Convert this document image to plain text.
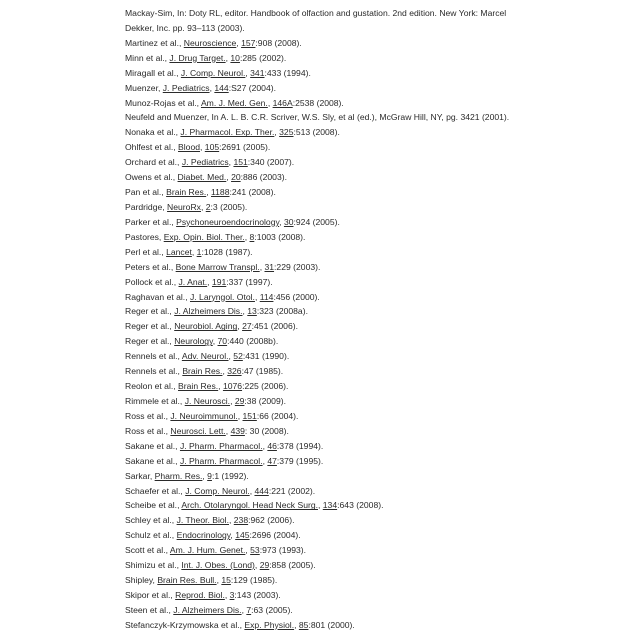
Mackay-Sim, In: Doty RL, editor. Handbook of olfaction and gustation. 2nd edition. New York: Marcel
Dekker, Inc. pp. 93–113 (2003).
Martinez et al., Neuroscience, 157:908 (2008).
Minn et al., J. Drug Target., 10:285 (2002).
Miragall et al., J. Comp. Neurol., 341:433 (1994).
Muenzer, J. Pediatrics, 144:S27 (2004).
Munoz-Rojas et al., Am. J. Med. Gen., 146A:2538 (2008).
Neufeld and Muenzer, In A. L. B. C.R. Scriver, W.S. Sly, et al (ed.), McGraw Hill, NY, pg. 3421 (2001).
Nonaka et al., J. Pharmacol. Exp. Ther., 325:513 (2008).
Ohlfest et al., Blood, 105:2691 (2005).
Orchard et al., J. Pediatrics, 151:340 (2007).
Owens et al., Diabet. Med., 20:886 (2003).
Pan et al., Brain Res., 1188:241 (2008).
Pardridge, NeuroRx, 2:3 (2005).
Parker et al., Psychoneuroendocrinology, 30:924 (2005).
Pastores, Exp. Opin. Biol. Ther., 8:1003 (2008).
Perl et al., Lancet, 1:1028 (1987).
Peters et al., Bone Marrow Transpl., 31:229 (2003).
Pollock et al., J. Anat., 191:337 (1997).
Raghavan et al., J. Laryngol. Otol., 114:456 (2000).
Reger et al., J. Alzheimers Dis., 13:323 (2008a).
Reger et al., Neurobiol. Aging, 27:451 (2006).
Reger et al., Neurology, 70:440 (2008b).
Rennels et al., Adv. Neurol., 52:431 (1990).
Rennels et al., Brain Res., 326:47 (1985).
Reolon et al., Brain Res., 1076:225 (2006).
Rimmele et al., J. Neurosci., 29:38 (2009).
Ross et al., J. Neuroimmunol., 151:66 (2004).
Ross et al., Neurosci. Lett., 439: 30 (2008).
Sakane et al., J. Pharm. Pharmacol., 46:378 (1994).
Sakane et al., J. Pharm. Pharmacol., 47:379 (1995).
Sarkar, Pharm. Res., 9:1 (1992).
Schaefer et al., J. Comp. Neurol., 444:221 (2002).
Scheibe et al., Arch. Otolaryngol. Head Neck Surg., 134:643 (2008).
Schley et al., J. Theor. Biol., 238:962 (2006).
Schulz et al., Endocrinology, 145:2696 (2004).
Scott et al., Am. J. Hum. Genet., 53:973 (1993).
Shimizu et al., Int. J. Obes. (Lond), 29:858 (2005).
Shipley, Brain Res. Bull., 15:129 (1985).
Skipor et al., Reprod. Biol., 3:143 (2003).
Steen et al., J. Alzheimers Dis., 7:63 (2005).
Stefanczyk-Krzymowska et al., Exp. Physiol., 85:801 (2000).
